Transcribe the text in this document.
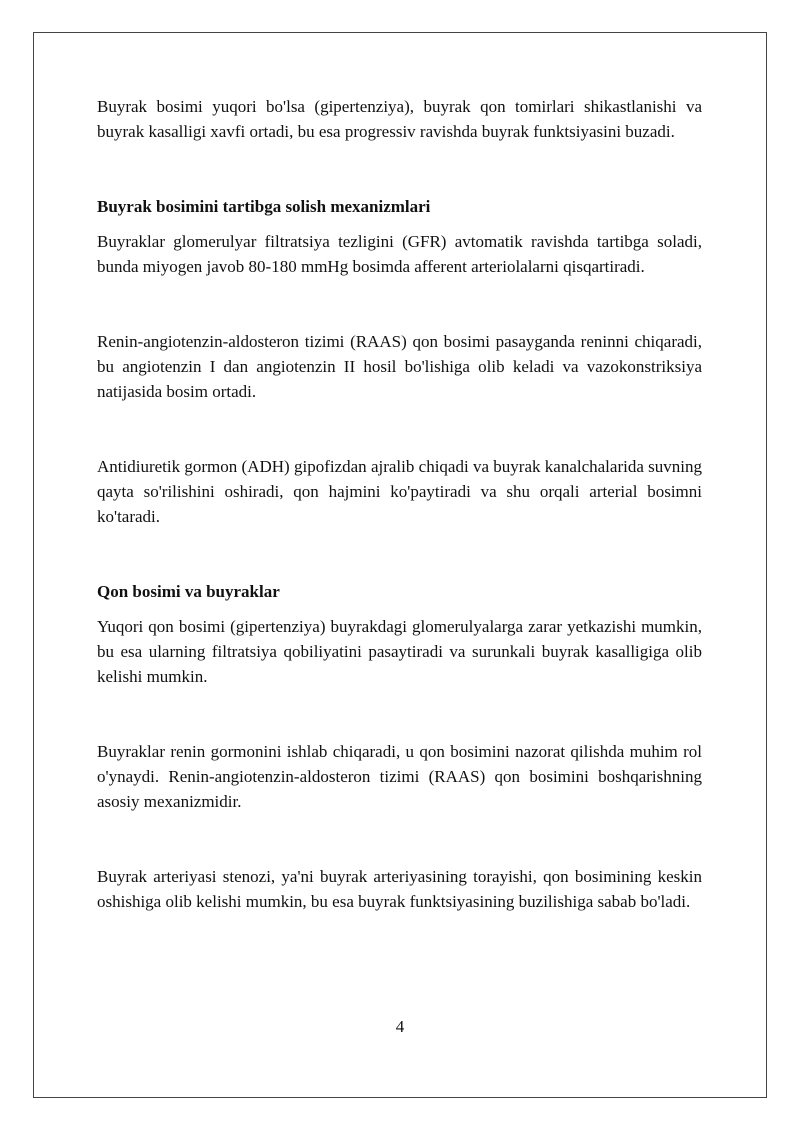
Buyrak bosimi yuqori bo'lsa (gipertenziya), buyrak qon tomirlari shikastlanishi va buyrak kasalligi xavfi ortadi, bu esa progressiv ravishda buyrak funktsiyasini buzadi.

Buyrak bosimini tartibga solish mexanizmlari

Buyraklar glomerulyar filtratsiya tezligini (GFR) avtomatik ravishda tartibga soladi, bunda miyogen javob 80-180 mmHg bosimda afferent arteriolalarni qisqartiradi.

Renin-angiotenzin-aldosteron tizimi (RAAS) qon bosimi pasayganda reninni chiqaradi, bu angiotenzin I dan angiotenzin II hosil bo'lishiga olib keladi va vazokonstriksiya natijasida bosim ortadi.

Antidiuretik gormon (ADH) gipofizdan ajralib chiqadi va buyrak kanalchalarida suvning qayta so'rilishini oshiradi, qon hajmini ko'paytiradi va shu orqali arterial bosimni ko'taradi.

Qon bosimi va buyraklar

Yuqori qon bosimi (gipertenziya) buyrakdagi glomerulyalarga zarar yetkazishi mumkin, bu esa ularning filtratsiya qobiliyatini pasaytiradi va surunkali buyrak kasalligiga olib kelishi mumkin.

Buyraklar renin gormonini ishlab chiqaradi, u qon bosimini nazorat qilishda muhim rol o'ynaydi. Renin-angiotenzin-aldosteron tizimi (RAAS) qon bosimini boshqarishning asosiy mexanizmidir.

Buyrak arteriyasi stenozi, ya'ni buyrak arteriyasining torayishi, qon bosimining keskin oshishiga olib kelishi mumkin, bu esa buyrak funktsiyasining buzilishiga sabab bo'ladi.

4
